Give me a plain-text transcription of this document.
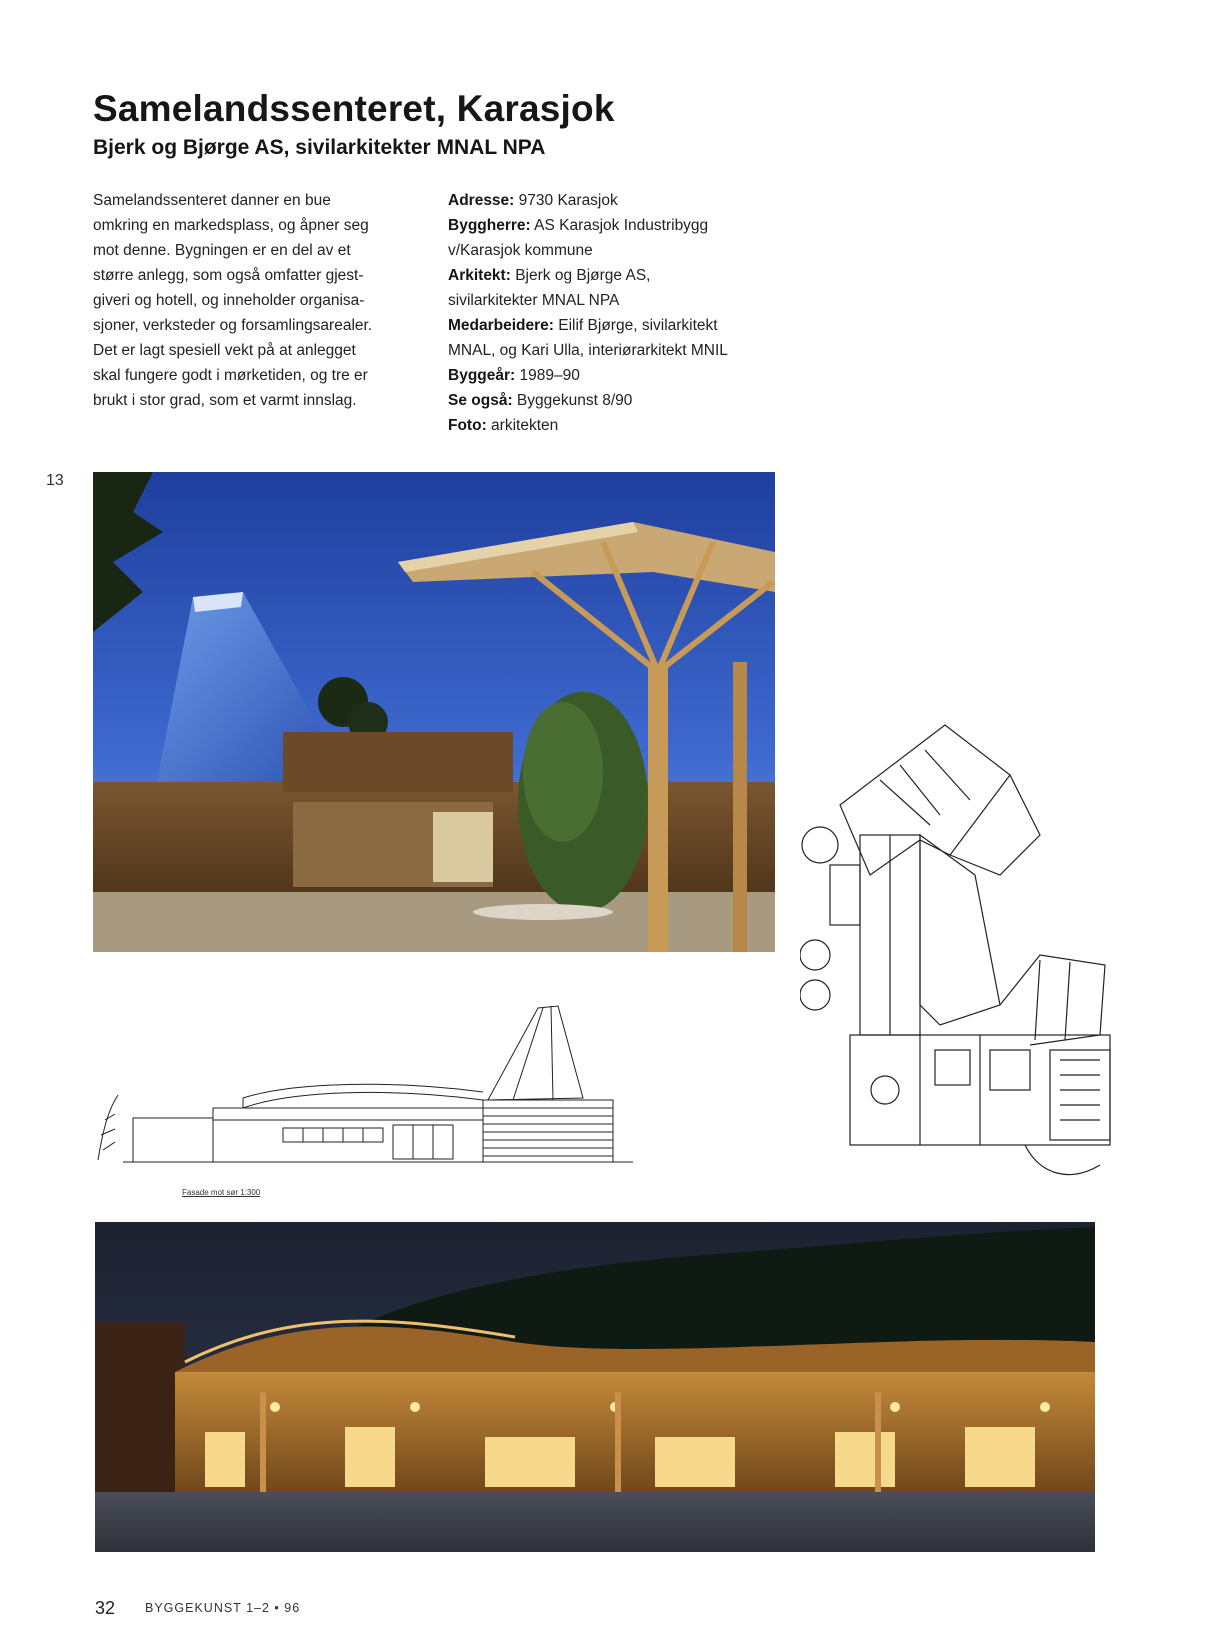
Samelandssenteret, Karasjok
Bjerk og Bjørge AS, sivilarkitekter MNAL NPA
Samelandssenteret danner en bue
omkring en markedsplass, og åpner seg
mot denne. Bygningen er en del av et
større anlegg, som også omfatter gjest-
giveri og hotell, og inneholder organisa-
sjoner, verksteder og forsamlingsarealer.
Det er lagt spesiell vekt på at anlegget
skal fungere godt i mørketiden, og tre er
brukt i stor grad, som et varmt innslag.
Adresse: 9730 Karasjok
Byggherre: AS Karasjok Industribygg
v/Karasjok kommune
Arkitekt: Bjerk og Bjørge AS,
sivilarkitekter MNAL NPA
Medarbeidere: Eilif Bjørge, sivilarkitekt
MNAL, og Kari Ulla, interiørarkitekt MNIL
Byggeår: 1989–90
Se også: Byggekunst 8/90
Foto: arkitekten
13
Fasade mot sør 1:300
32 BYGGEKUNST 1–2 • 96
